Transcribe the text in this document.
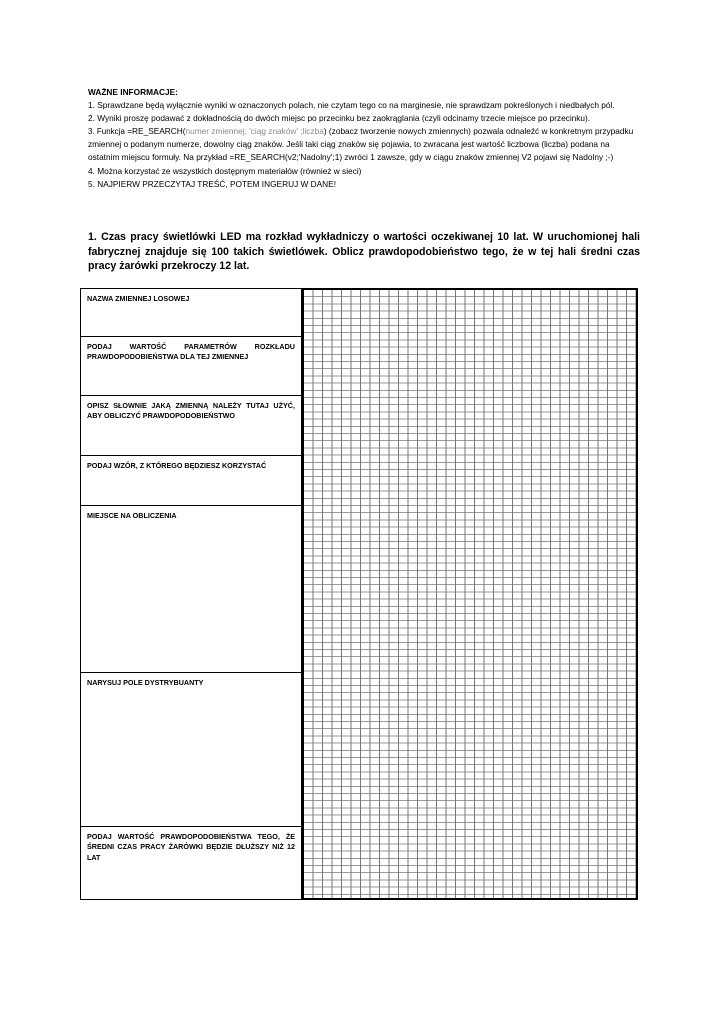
WAŻNE INFORMACJE:
1. Sprawdzane będą wyłącznie wyniki w oznaczonych polach, nie czytam tego co na marginesie, nie sprawdzam pokreślonych i niedbałych pól.
2. Wyniki proszę podawać z dokładnością do dwóch miejsc po przecinku bez zaokrąglania (czyli odcinamy trzecie miejsce po przecinku).
3. Funkcja =RE_SEARCH(numer zmiennej; 'ciąg znaków' ;liczba) (zobacz tworzenie nowych zmiennych) pozwala odnaleźć w konkretnym przypadku zmiennej o podanym numerze, dowolny ciąg znaków. Jeśli taki ciąg znaków się pojawia, to zwracana jest wartość liczbowa (liczba) podana na ostatnim miejscu formuły. Na przykład =RE_SEARCH(v2;'Nadolny';1) zwróci 1 zawsze, gdy w ciągu znaków zmiennej V2 pojawi się Nadolny ;-)
4. Można korzystać ze wszystkich dostępnym materiałów (również w sieci)
5. NAJPIERW PRZECZYTAJ TREŚĆ, POTEM INGERUJ W DANE!
1. Czas pracy świetlówki LED ma rozkład wykładniczy o wartości oczekiwanej 10 lat. W uruchomionej hali fabrycznej znajduje się 100 takich świetlówek. Oblicz prawdopodobieństwo tego, że w tej hali średni czas pracy żarówki przekroczy 12 lat.
NAZWA ZMIENNEJ LOSOWEJ
PODAJ WARTOŚĆ PARAMETRÓW ROZKŁADU PRAWDOPODOBIEŃSTWA DLA TEJ ZMIENNEJ
OPISZ SŁOWNIE JAKĄ ZMIENNĄ NALEŻY TUTAJ UŻYĆ, ABY OBLICZYĆ PRAWDOPODOBIEŃSTWO
PODAJ WZÓR, Z KTÓREGO BĘDZIESZ KORZYSTAĆ
MIEJSCE NA OBLICZENIA
NARYSUJ POLE DYSTRYBUANTY
PODAJ WARTOŚĆ PRAWDOPODOBIEŃSTWA TEGO, ŻE ŚREDNI CZAS PRACY ŻARÓWKI BĘDZIE DŁUŻSZY NIŻ 12 LAT
